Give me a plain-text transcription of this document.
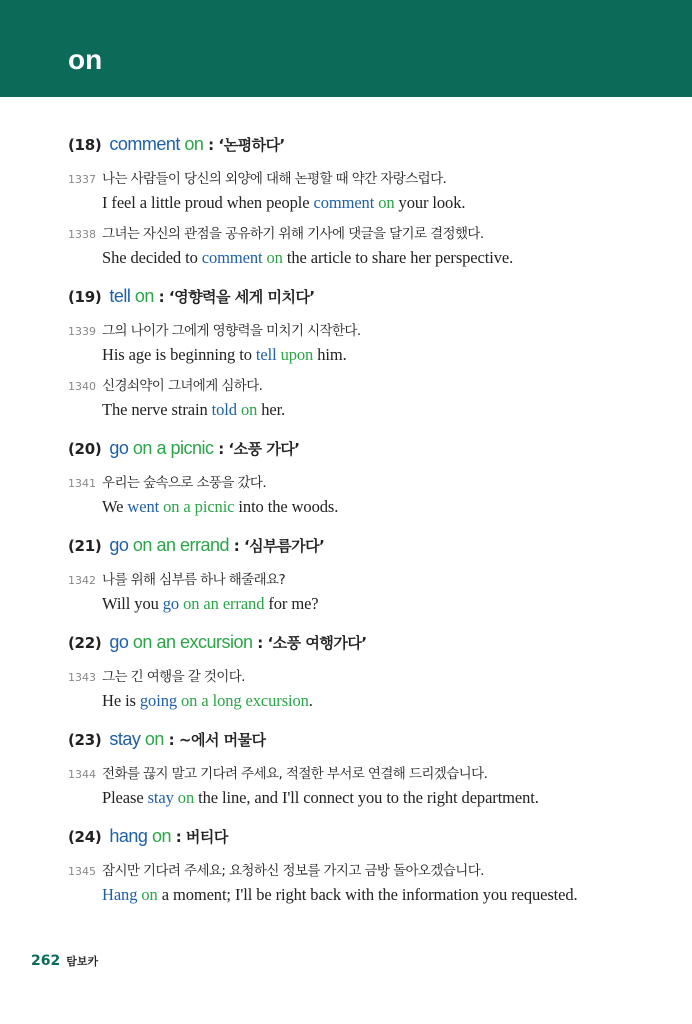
on
(18) comment on : ‘논평하다’
1337 나는 사람들이 당신의 외양에 대해 논평할 때 약간 자랑스럽다.
I feel a little proud when people comment on your look.
1338 그녀는 자신의 관점을 공유하기 위해 기사에 댓글을 달기로 결정했다.
She decided to comment on the article to share her perspective.
(19) tell on : ‘영향력을 세게 미치다’
1339 그의 나이가 그에게 영향력을 미치기 시작한다.
His age is beginning to tell upon him.
1340 신경쇠약이 그녀에게 심하다.
The nerve strain told on her.
(20) go on a picnic : ‘소풍 가다’
1341 우리는 숲속으로 소풍을 갔다.
We went on a picnic into the woods.
(21) go on an errand : ‘심부름가다’
1342 나를 위해 심부름 하나 해줄래요?
Will you go on an errand for me?
(22) go on an excursion : ‘소풍 여행가다’
1343 그는 긴 여행을 갈 것이다.
He is going on a long excursion.
(23) stay on : ~에서 머물다
1344 전화를 끊지 말고 기다려 주세요, 적절한 부서로 연결해 드리겠습니다.
Please stay on the line, and I'll connect you to the right department.
(24) hang on : 버티다
1345 잠시만 기다려 주세요; 요청하신 정보를 가지고 금방 돌아오겠습니다.
Hang on a moment; I'll be right back with the information you requested.
262 탐보카
